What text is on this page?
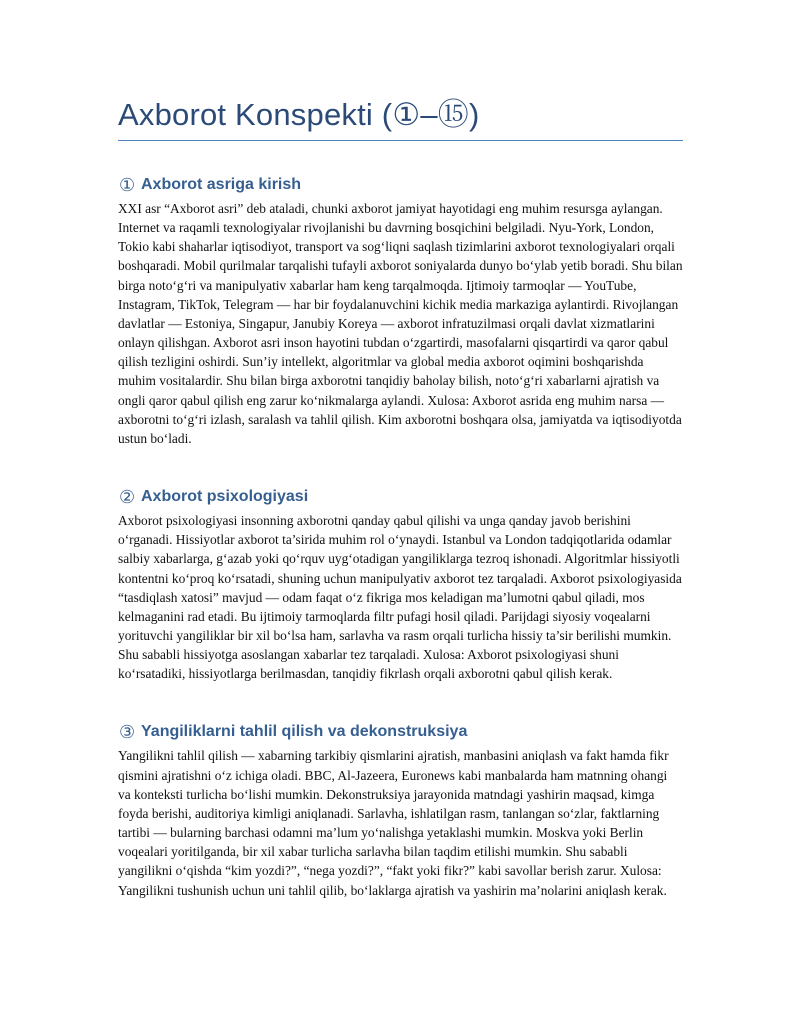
Axborot Konspekti (①–⑮)
① Axborot asriga kirish

XXI asr “Axborot asri” deb ataladi, chunki axborot jamiyat hayotidagi eng muhim resursga aylangan. Internet va raqamli texnologiyalar rivojlanishi bu davrning bosqichini belgiladi. Nyu-York, London, Tokio kabi shaharlar iqtisodiyot, transport va sog‘liqni saqlash tizimlarini axborot texnologiyalari orqali boshqaradi. Mobil qurilmalar tarqalishi tufayli axborot soniyalarda dunyo bo‘ylab yetib boradi. Shu bilan birga noto‘g‘ri va manipulyativ xabarlar ham keng tarqalmoqda. Ijtimoiy tarmoqlar — YouTube, Instagram, TikTok, Telegram — har bir foydalanuvchini kichik media markaziga aylantirdi. Rivojlangan davlatlar — Estoniya, Singapur, Janubiy Koreya — axborot infratuzilmasi orqali davlat xizmatlarini onlayn qilishgan. Axborot asri inson hayotini tubdan o‘zgartirdi, masofalarni qisqartirdi va qaror qabul qilish tezligini oshirdi. Sun’iy intellekt, algoritmlar va global media axborot oqimini boshqarishda muhim vositalardir. Shu bilan birga axborotni tanqidiy baholay bilish, noto‘g‘ri xabarlarni ajratish va ongli qaror qabul qilish eng zarur ko‘nikmalarga aylandi. Xulosa: Axborot asrida eng muhim narsa — axborotni to‘g‘ri izlash, saralash va tahlil qilish. Kim axborotni boshqara olsa, jamiyatda va iqtisodiyotda ustun bo‘ladi.

② Axborot psixologiyasi

Axborot psixologiyasi insonning axborotni qanday qabul qilishi va unga qanday javob berishini o‘rganadi. Hissiyotlar axborot ta’sirida muhim rol o‘ynaydi. Istanbul va London tadqiqotlarida odamlar salbiy xabarlarga, g‘azab yoki qo‘rquv uyg‘otadigan yangiliklarga tezroq ishonadi. Algoritmlar hissiyotli kontentni ko‘proq ko‘rsatadi, shuning uchun manipulyativ axborot tez tarqaladi. Axborot psixologiyasida “tasdiqlash xatosi” mavjud — odam faqat o‘z fikriga mos keladigan ma’lumotni qabul qiladi, mos kelmaganini rad etadi. Bu ijtimoiy tarmoqlarda filtr pufagi hosil qiladi. Parijdagi siyosiy voqealarni yorituvchi yangiliklar bir xil bo‘lsa ham, sarlavha va rasm orqali turlicha hissiy ta’sir berilishi mumkin. Shu sababli hissiyotga asoslangan xabarlar tez tarqaladi. Xulosa: Axborot psixologiyasi shuni ko‘rsatadiki, hissiyotlarga berilmasdan, tanqidiy fikrlash orqali axborotni qabul qilish kerak.

③ Yangiliklarni tahlil qilish va dekonstruksiya

Yangilikni tahlil qilish — xabarning tarkibiy qismlarini ajratish, manbasini aniqlash va fakt hamda fikr qismini ajratishni o‘z ichiga oladi. BBC, Al-Jazeera, Euronews kabi manbalarda ham matnning ohangi va konteksti turlicha bo‘lishi mumkin. Dekonstruksiya jarayonida matndagi yashirin maqsad, kimga foyda berishi, auditoriya kimligi aniqlanadi. Sarlavha, ishlatilgan rasm, tanlangan so‘zlar, faktlarning tartibi — bularning barchasi odamni ma’lum yo‘nalishga yetaklashi mumkin. Moskva yoki Berlin voqealari yoritilganda, bir xil xabar turlicha sarlavha bilan taqdim etilishi mumkin. Shu sababli yangilikni o‘qishda “kim yozdi?”, “nega yozdi?”, “fakt yoki fikr?” kabi savollar berish zarur. Xulosa: Yangilikni tushunish uchun uni tahlil qilib, bo‘laklarga ajratish va yashirin ma’nolarini aniqlash kerak.
